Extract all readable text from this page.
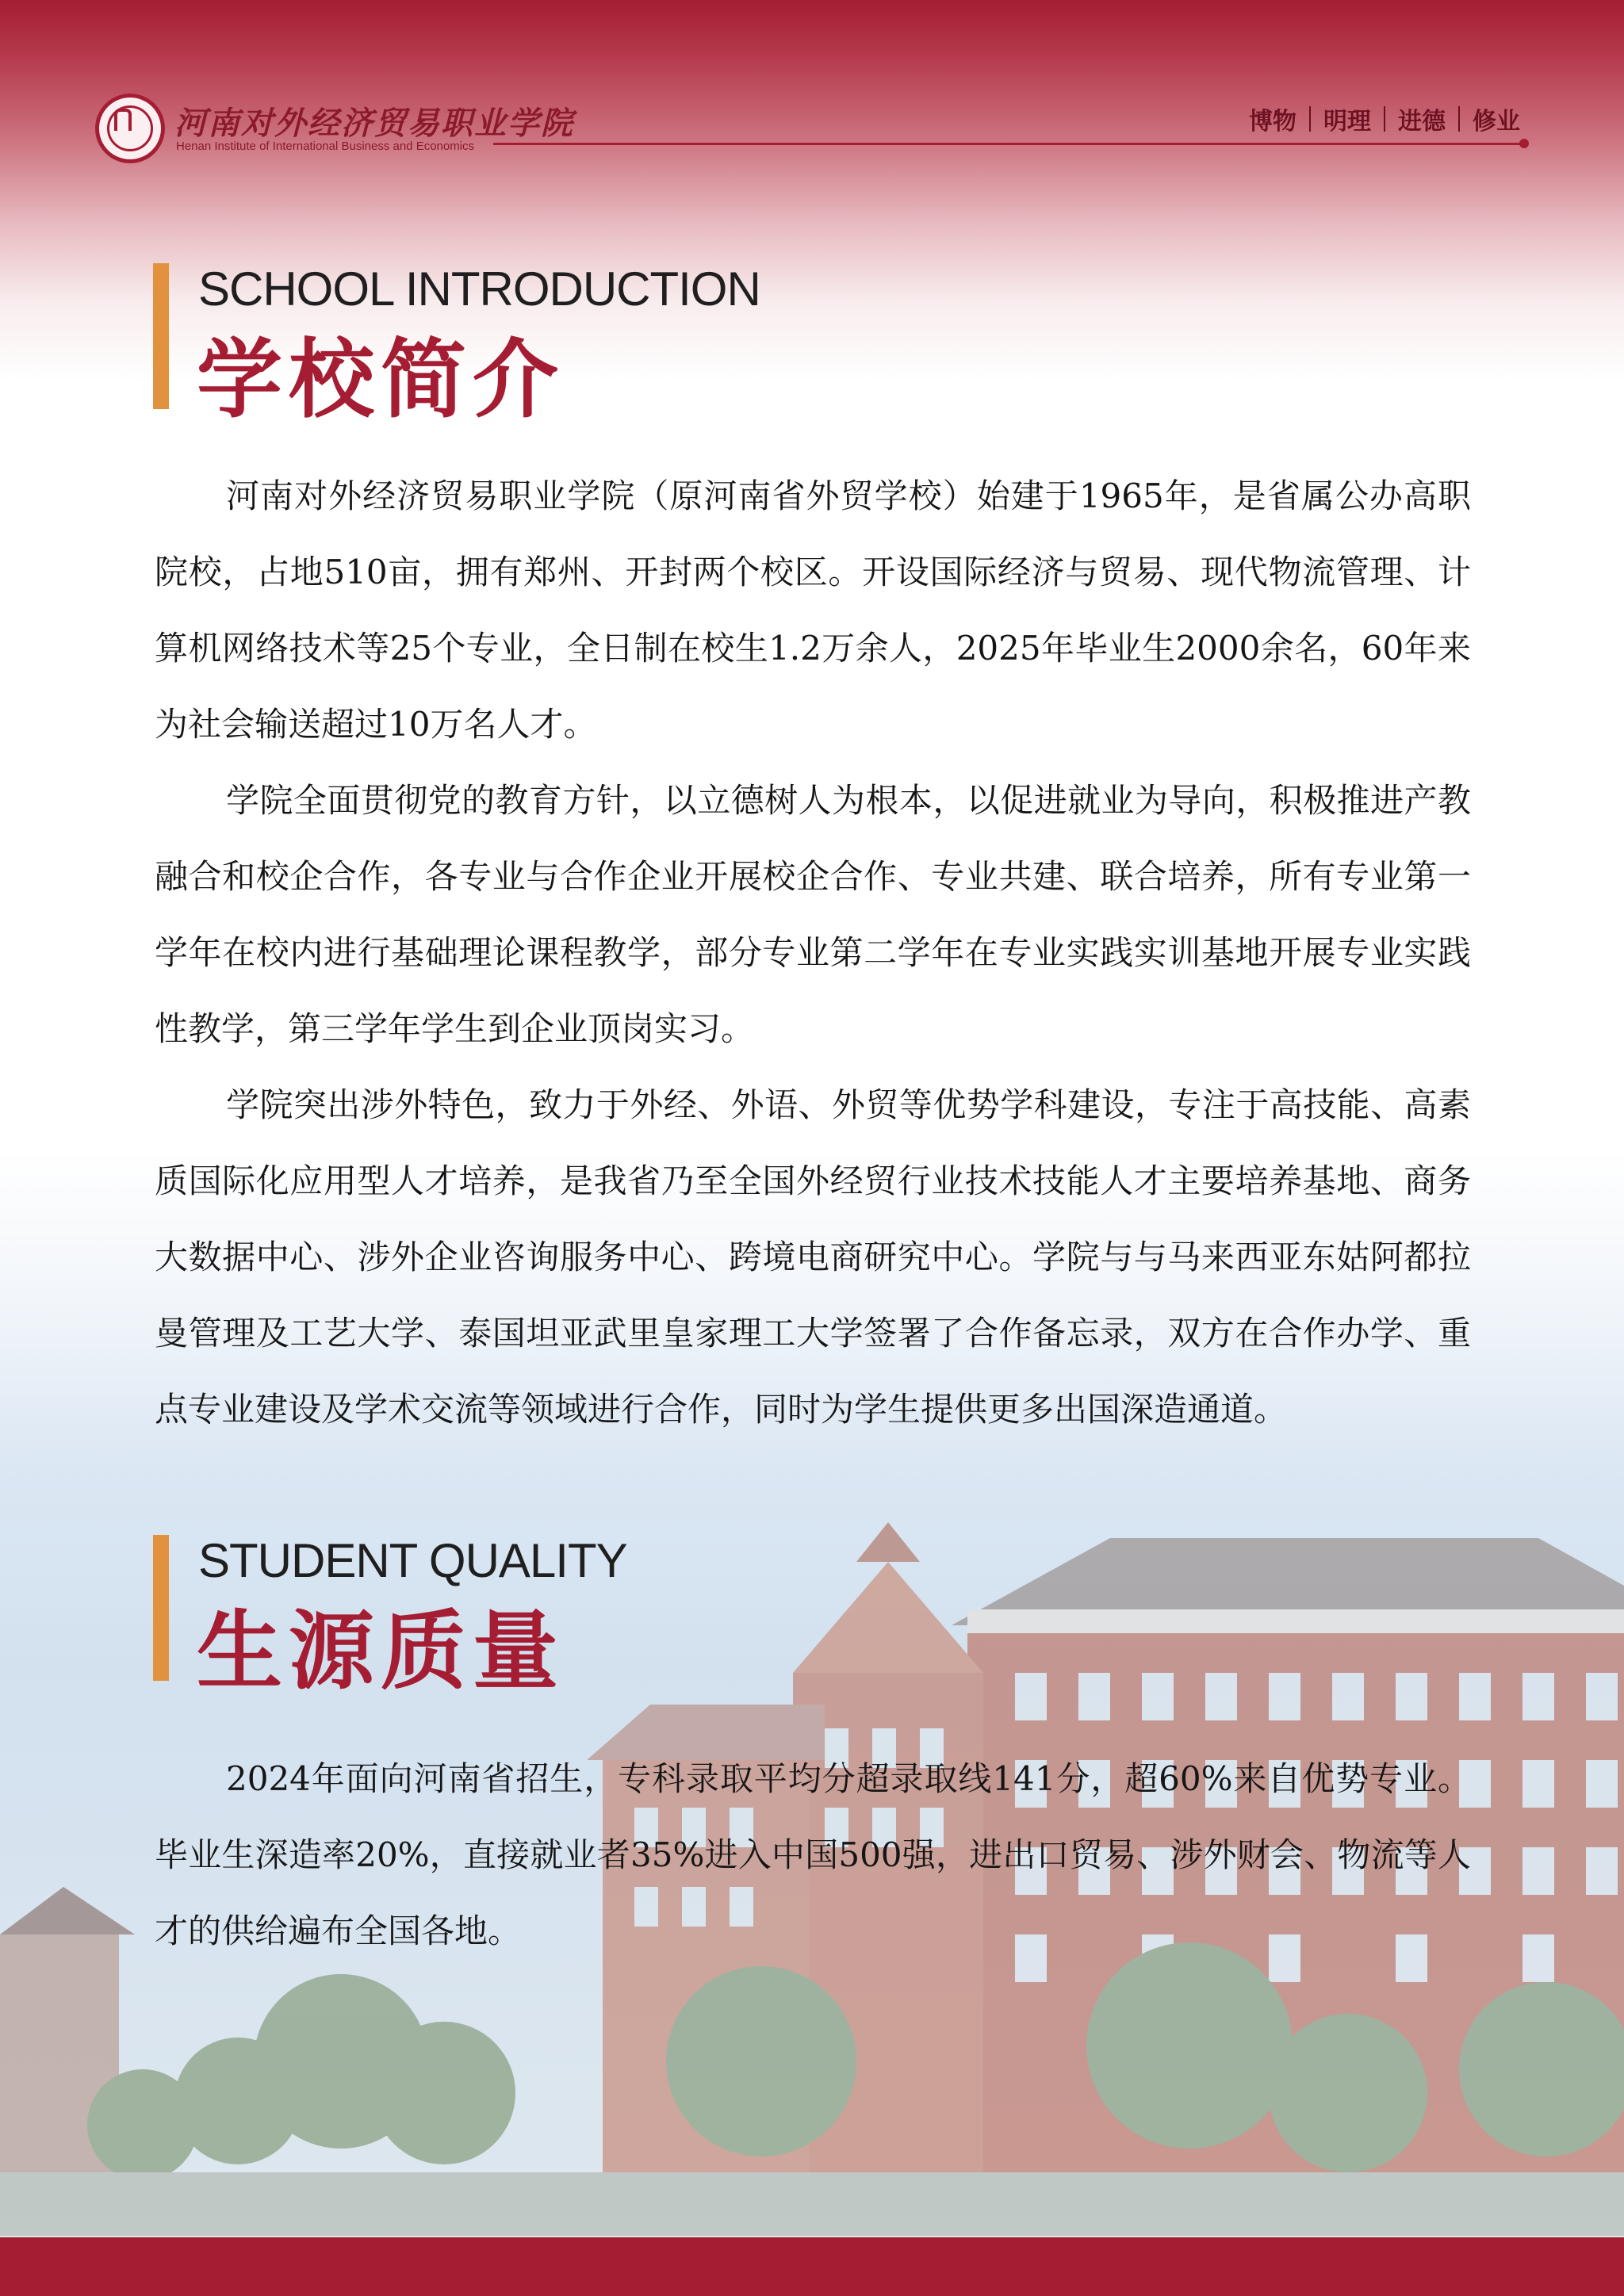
河南对外经济贸易职业学院
Henan Institute of International Business and Economics
博物 明理 进德 修业
SCHOOL INTRODUCTION
学校简介

河南对外经济贸易职业学院（原河南省外贸学校）始建于1965年，是省属公办高职院校，占地510亩，拥有郑州、开封两个校区。开设国际经济与贸易、现代物流管理、计算机网络技术等25个专业，全日制在校生1.2万余人，2025年毕业生2000余名，60年来为社会输送超过10万名人才。

学院全面贯彻党的教育方针，以立德树人为根本，以促进就业为导向，积极推进产教融合和校企合作，各专业与合作企业开展校企合作、专业共建、联合培养，所有专业第一学年在校内进行基础理论课程教学，部分专业第二学年在专业实践实训基地开展专业实践性教学，第三学年学生到企业顶岗实习。

学院突出涉外特色，致力于外经、外语、外贸等优势学科建设，专注于高技能、高素质国际化应用型人才培养，是我省乃至全国外经贸行业技术技能人才主要培养基地、商务大数据中心、涉外企业咨询服务中心、跨境电商研究中心。学院与与马来西亚东姑阿都拉曼管理及工艺大学、泰国坦亚武里皇家理工大学签署了合作备忘录，双方在合作办学、重点专业建设及学术交流等领域进行合作，同时为学生提供更多出国深造通道。

STUDENT QUALITY
生源质量

2024年面向河南省招生，专科录取平均分超录取线141分，超60%来自优势专业。毕业生深造率20%，直接就业者35%进入中国500强，进出口贸易、涉外财会、物流等人才的供给遍布全国各地。
